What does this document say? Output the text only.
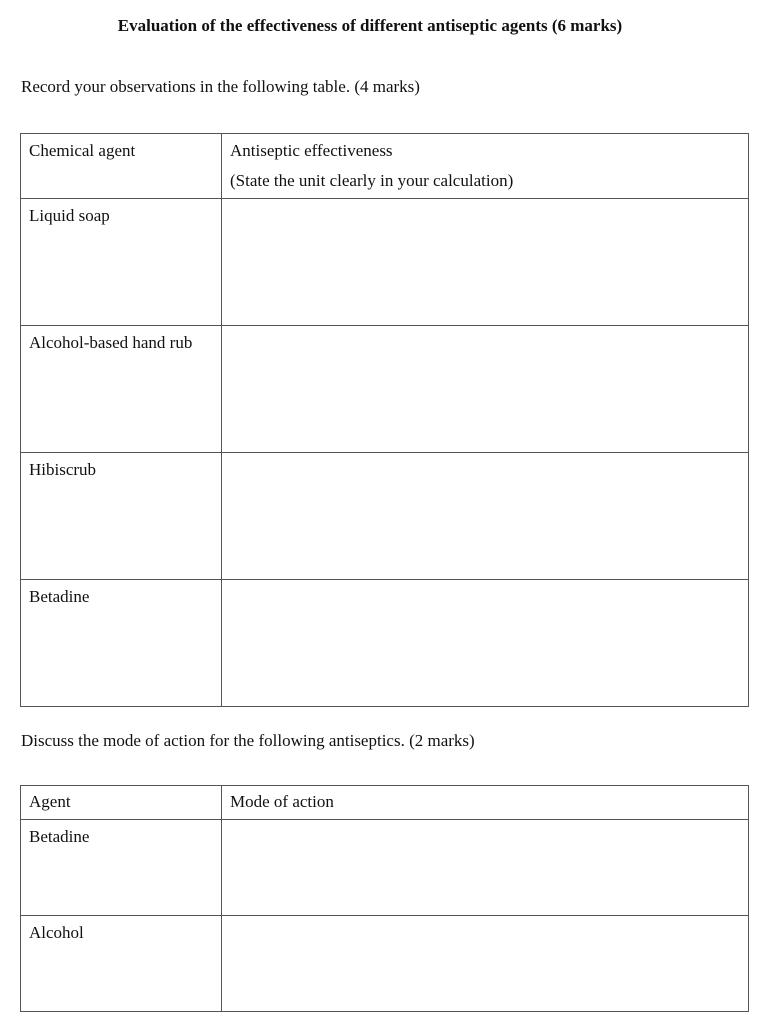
Evaluation of the effectiveness of different antiseptic agents (6 marks)
Record your observations in the following table. (4 marks)
Chemical agent	Antiseptic effectiveness
(State the unit clearly in your calculation)

Liquid soap	
Alcohol-based hand rub	
Hibiscrub	
Betadine	
Discuss the mode of action for the following antiseptics. (2 marks)
Agent	Mode of action
Betadine	
Alcohol	
